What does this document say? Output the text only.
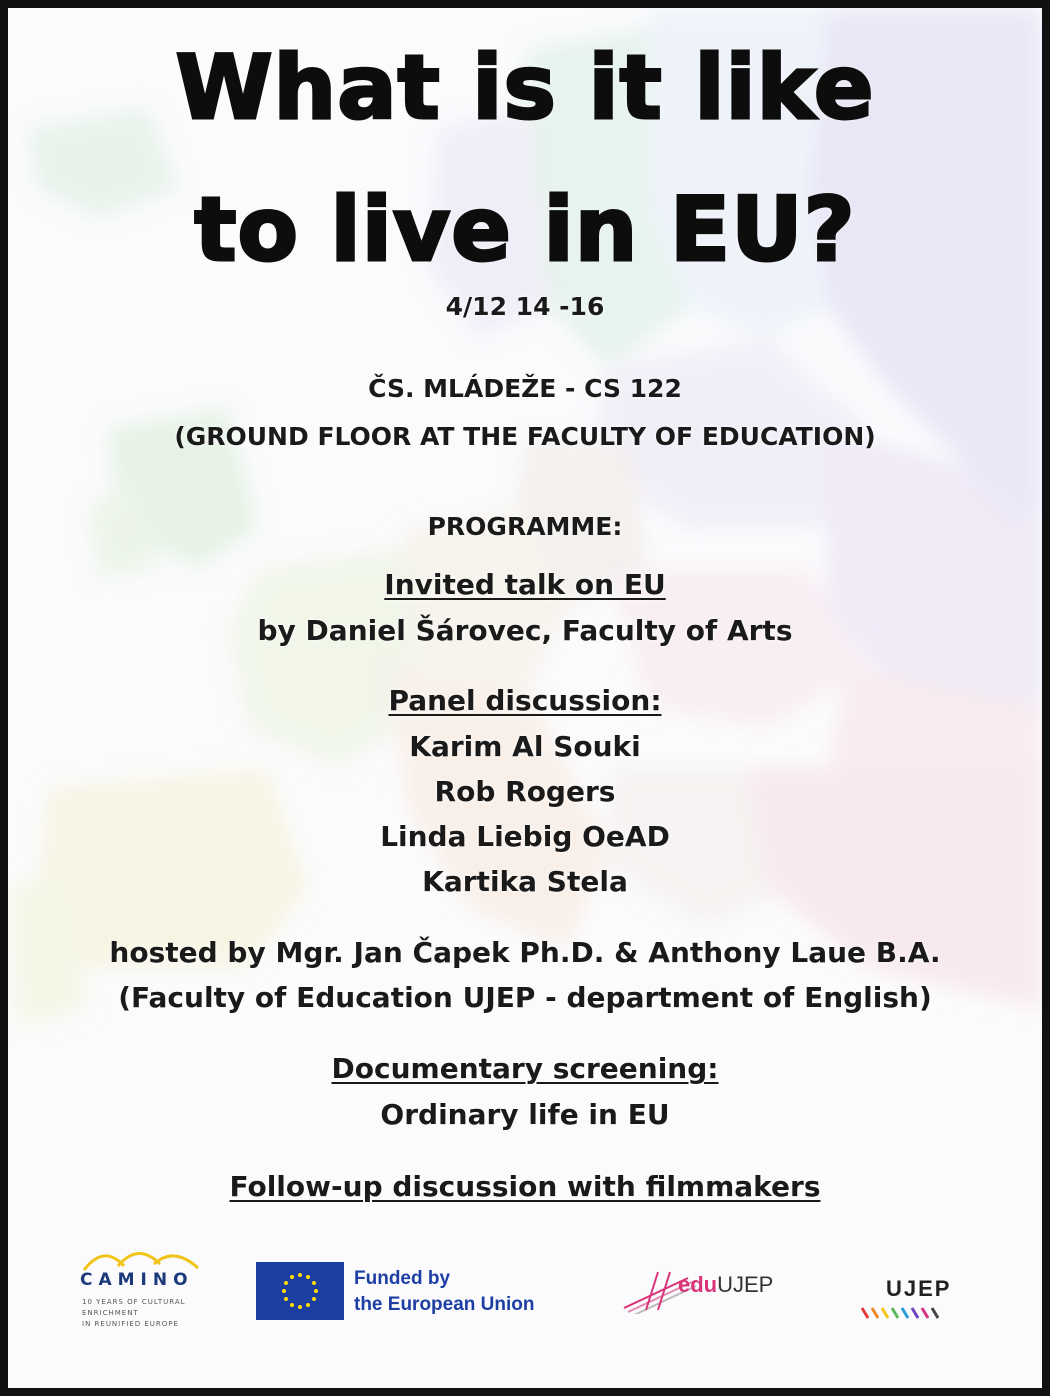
What is it like
to live in EU?
4/12 14 -16
ČS. MLÁDEŽE - CS 122
(GROUND FLOOR AT THE FACULTY OF EDUCATION)
PROGRAMME:
Invited talk on EU
by Daniel Šárovec, Faculty of Arts
Panel discussion:
Karim Al Souki
Rob Rogers
Linda Liebig OeAD
Kartika Stela
hosted by Mgr. Jan Čapek Ph.D. & Anthony Laue B.A.
(Faculty of Education UJEP - department of English)
Documentary screening:
Ordinary life in EU
Follow-up discussion with filmmakers
CAMINO
10 YEARS OF CULTURAL
ENRICHMENT
IN REUNIFIED EUROPE
Funded by
the European Union
eduUJEP	UJEP
